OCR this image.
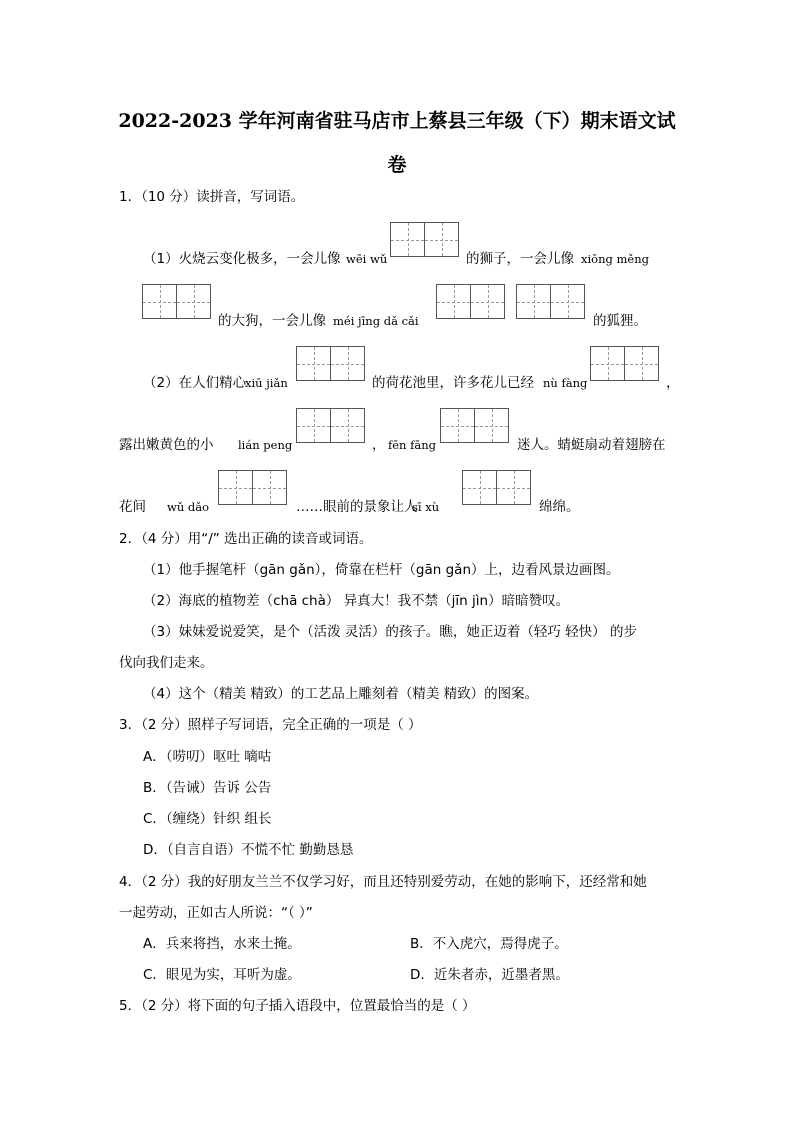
2022-2023 学年河南省驻马店市上蔡县三年级（下）期末语文试
卷
1．（10 分）读拼音，写词语。
（1）火烧云变化极多，一会儿像 wēi wǔ	的狮子，一会儿像 xiōng měng
的大狗，一会儿像 méi jīng dǎ cǎi	的狐狸。
（2）在人们精心
xiū jiǎn	的荷花池里，许多花儿已经 nù fàng	，
露出嫩黄色的小 lián peng	， fēn fāng	迷人。蜻蜓扇动着翅膀在
花间 wǔ dǎo	……眼前的景象让人
sī xù	绵绵。
2．（4 分）用“/” 选出正确的读音或词语。
（1）他手握笔杆（gān gǎn），倚靠在栏杆（gān gǎn）上，边看风景边画图。
（2）海底的植物差（chā chà） 异真大！我不禁（jīn jìn）暗暗赞叹。
（3）妹妹爱说爱笑，是个（活泼 灵活）的孩子。瞧，她正迈着（轻巧 轻快） 的步
伐向我们走来。
（4）这个（精美 精致）的工艺品上雕刻着（精美 精致）的图案。
3．（2 分）照样子写词语，完全正确的一项是（ ）
A．（唠叨）呕吐 嘀咕
B．（告诫）告诉 公告
C．（缠绕）针织 组长
D．（自言自语）不慌不忙 勤勤恳恳
4．（2 分）我的好朋友兰兰不仅学习好，而且还特别爱劳动，在她的影响下，还经常和她
一起劳动，正如古人所说：“（ ）”
A．兵来将挡，水来土掩。	B．不入虎穴，焉得虎子。
C．眼见为实，耳听为虚。	D．近朱者赤，近墨者黑。
5．（2 分）将下面的句子插入语段中，位置最恰当的是（ ）
